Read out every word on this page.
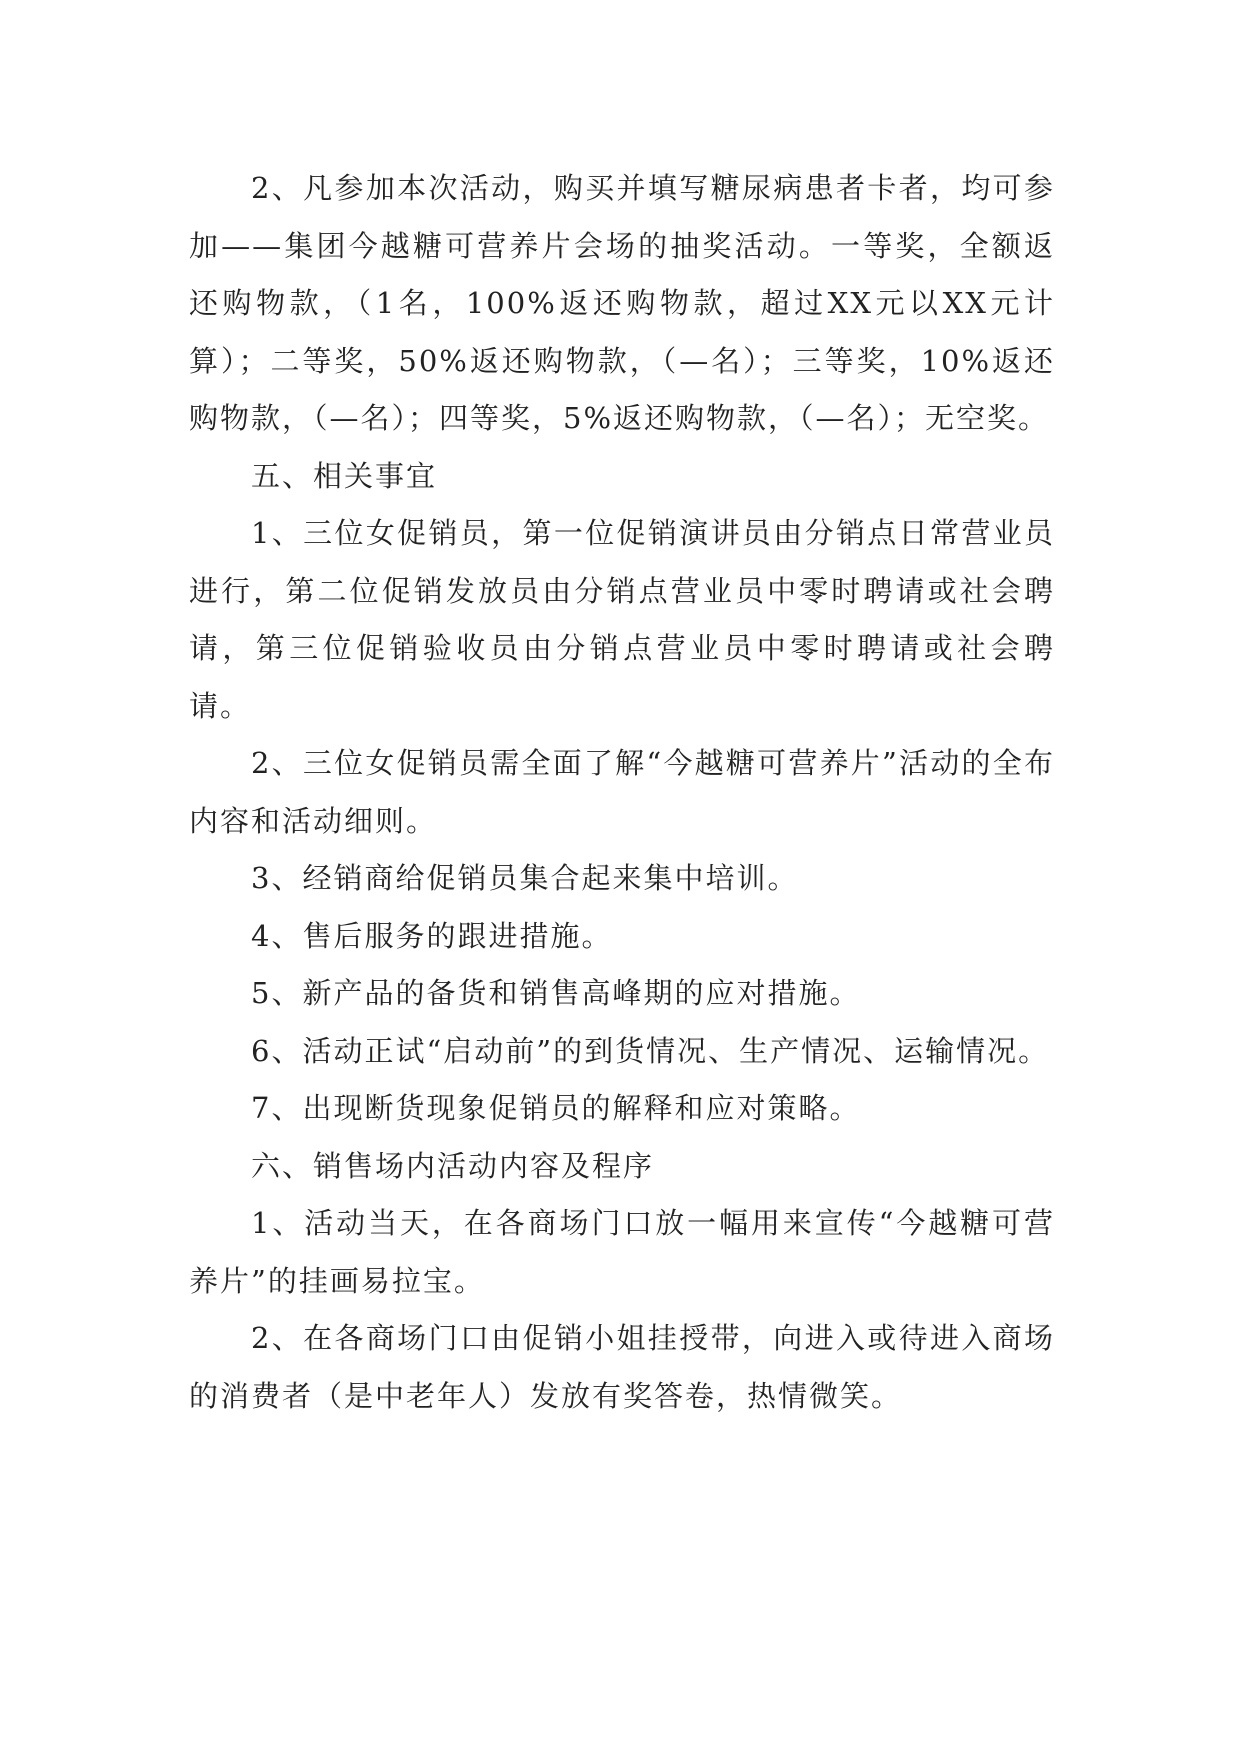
2、凡参加本次活动，购买并填写糖尿病患者卡者，均可参加——集团今越糖可营养片会场的抽奖活动。一等奖，全额返还购物款，（1名，100%返还购物款，超过XX元以XX元计算）；二等奖，50%返还购物款，（—名）；三等奖，10%返还购物款，（—名）；四等奖，5%返还购物款，（—名）；无空奖。

五、相关事宜

1、三位女促销员，第一位促销演讲员由分销点日常营业员进行，第二位促销发放员由分销点营业员中零时聘请或社会聘请，第三位促销验收员由分销点营业员中零时聘请或社会聘请。

2、三位女促销员需全面了解“今越糖可营养片”活动的全布内容和活动细则。

3、经销商给促销员集合起来集中培训。

4、售后服务的跟进措施。

5、新产品的备货和销售高峰期的应对措施。

6、活动正试“启动前”的到货情况、生产情况、运输情况。

7、出现断货现象促销员的解释和应对策略。

六、销售场内活动内容及程序

1、活动当天，在各商场门口放一幅用来宣传“今越糖可营养片”的挂画易拉宝。

2、在各商场门口由促销小姐挂授带，向进入或待进入商场的消费者（是中老年人）发放有奖答卷，热情微笑。
